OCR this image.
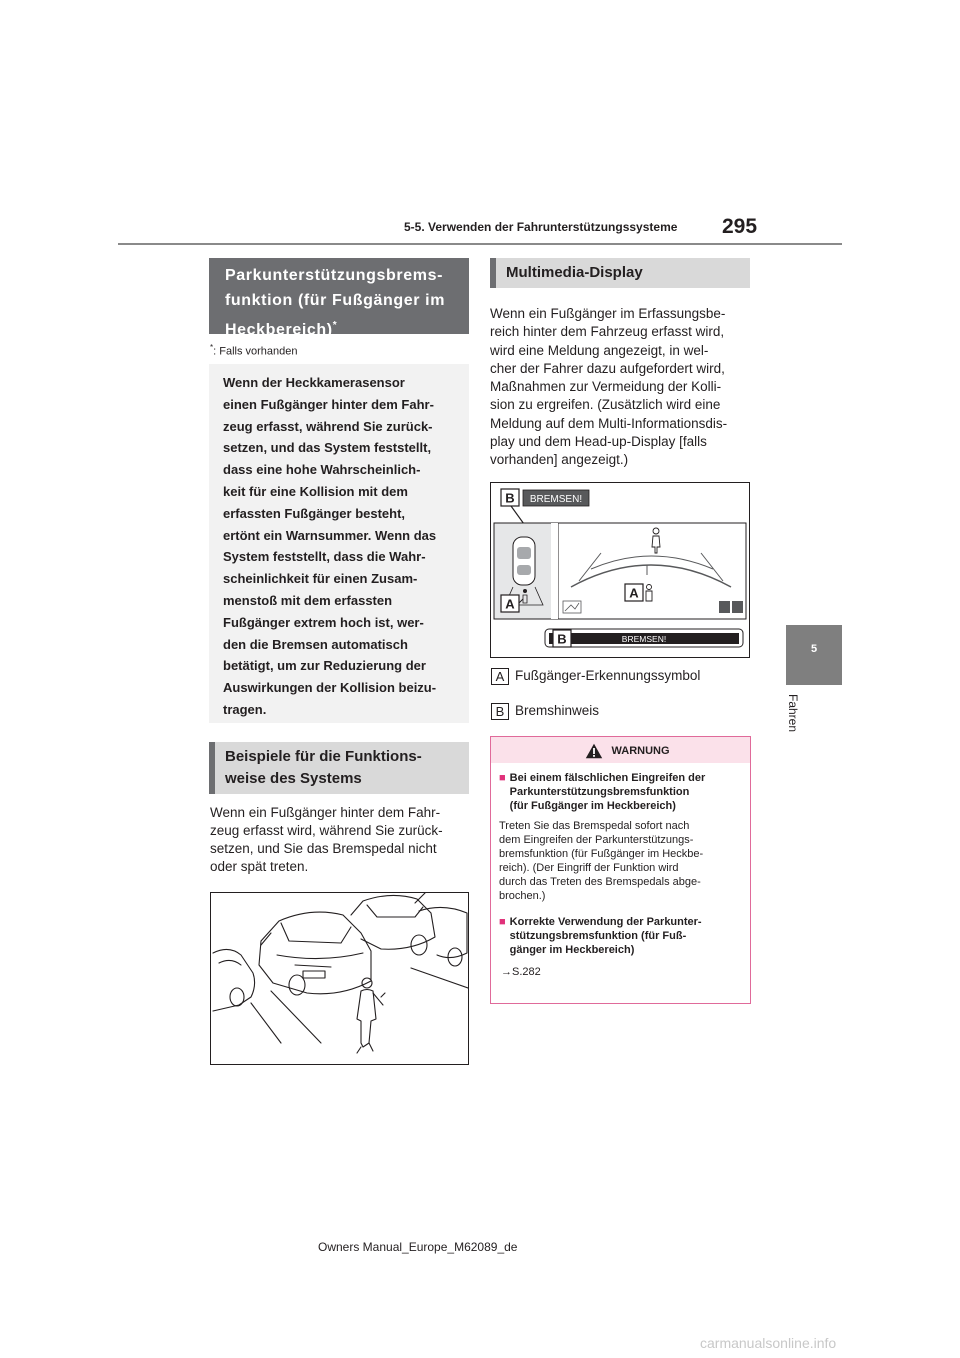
5-5. Verwenden der Fahrunterstützungssysteme 295
5
Fahren
Parkunterstützungsbrems-
funktion (für Fußgänger im
Heckbereich)*
*: Falls vorhanden
Wenn der Heckkamerasensor
einen Fußgänger hinter dem Fahr-
zeug erfasst, während Sie zurück-
setzen, und das System feststellt,
dass eine hohe Wahrscheinlich-
keit für eine Kollision mit dem
erfassten Fußgänger besteht,
ertönt ein Warnsummer. Wenn das
System feststellt, dass die Wahr-
scheinlichkeit für einen Zusam-
menstoß mit dem erfassten
Fußgänger extrem hoch ist, wer-
den die Bremsen automatisch
betätigt, um zur Reduzierung der
Auswirkungen der Kollision beizu-
tragen.
Beispiele für die Funktions-
weise des Systems
Wenn ein Fußgänger hinter dem Fahr-
zeug erfasst wird, während Sie zurück-
setzen, und Sie das Bremspedal nicht
oder spät treten.
Multimedia-Display
Wenn ein Fußgänger im Erfassungsbe-
reich hinter dem Fahrzeug erfasst wird,
wird eine Meldung angezeigt, in wel-
cher der Fahrer dazu aufgefordert wird,
Maßnahmen zur Vermeidung der Kolli-
sion zu ergreifen. (Zusätzlich wird eine
Meldung auf dem Multi-Informationsdis-
play und dem Head-up-Display [falls
vorhanden] angezeigt.)
B BREMSEN!
A
A
BREMSEN!
B
A Fußgänger-Erkennungssymbol
B Bremshinweis
WARNUNG
■ Bei einem fälschlichen Eingreifen der
Parkunterstützungsbremsfunktion
(für Fußgänger im Heckbereich)
Treten Sie das Bremspedal sofort nach
dem Eingreifen der Parkunterstützungs-
bremsfunktion (für Fußgänger im Heckbe-
reich). (Der Eingriff der Funktion wird
durch das Treten des Bremspedals abge-
brochen.)
■ Korrekte Verwendung der Parkunter-
stützungsbremsfunktion (für Fuß-
gänger im Heckbereich)
→S.282
Owners Manual_Europe_M62089_de
carmanualsonline.info
